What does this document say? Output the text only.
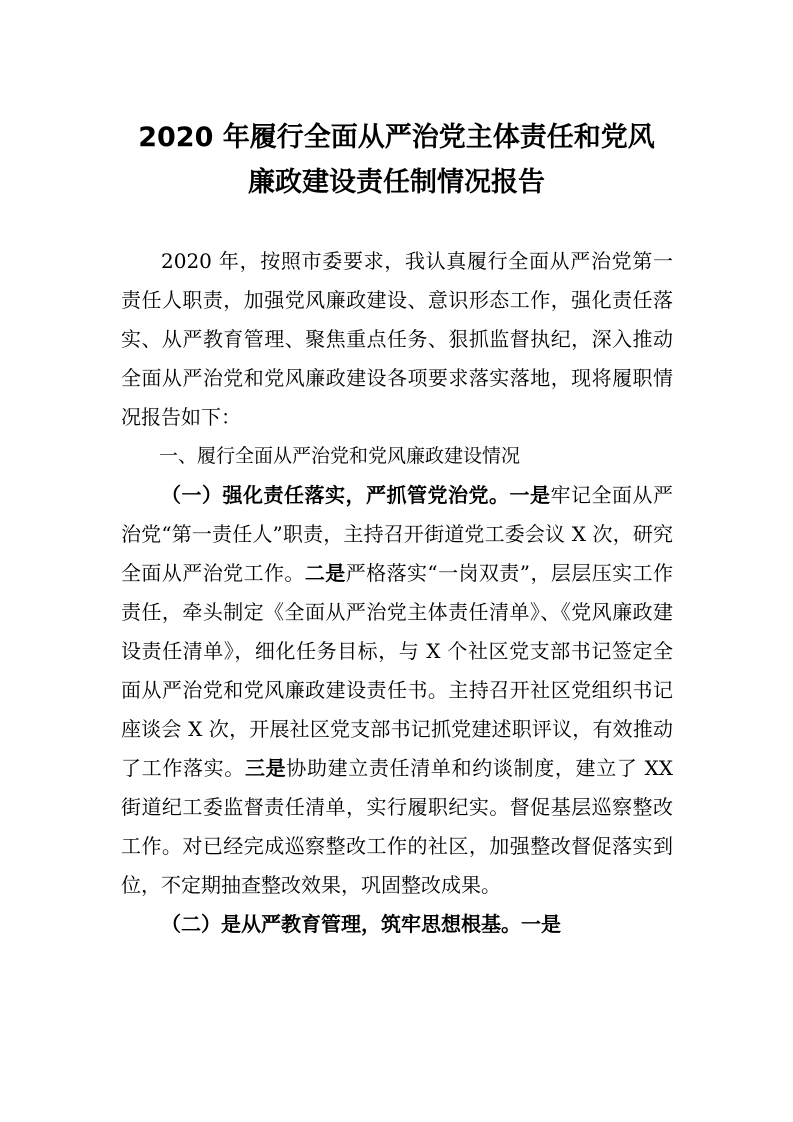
2020 年履行全面从严治党主体责任和党风
廉政建设责任制情况报告

2020 年，按照市委要求，我认真履行全面从严治党第一责任人职责，加强党风廉政建设、意识形态工作，强化责任落实、从严教育管理、聚焦重点任务、狠抓监督执纪，深入推动全面从严治党和党风廉政建设各项要求落实落地，现将履职情况报告如下：

一、履行全面从严治党和党风廉政建设情况

（一）强化责任落实，严抓管党治党。一是牢记全面从严治党“第一责任人”职责，主持召开街道党工委会议 X 次，研究全面从严治党工作。二是严格落实“一岗双责”，层层压实工作责任，牵头制定《全面从严治党主体责任清单》、《党风廉政建设责任清单》，细化任务目标，与 X 个社区党支部书记签定全面从严治党和党风廉政建设责任书。主持召开社区党组织书记座谈会 X 次，开展社区党支部书记抓党建述职评议，有效推动了工作落实。三是协助建立责任清单和约谈制度，建立了 XX 街道纪工委监督责任清单，实行履职纪实。督促基层巡察整改工作。对已经完成巡察整改工作的社区，加强整改督促落实到位，不定期抽查整改效果，巩固整改成果。

（二）是从严教育管理，筑牢思想根基。一是
